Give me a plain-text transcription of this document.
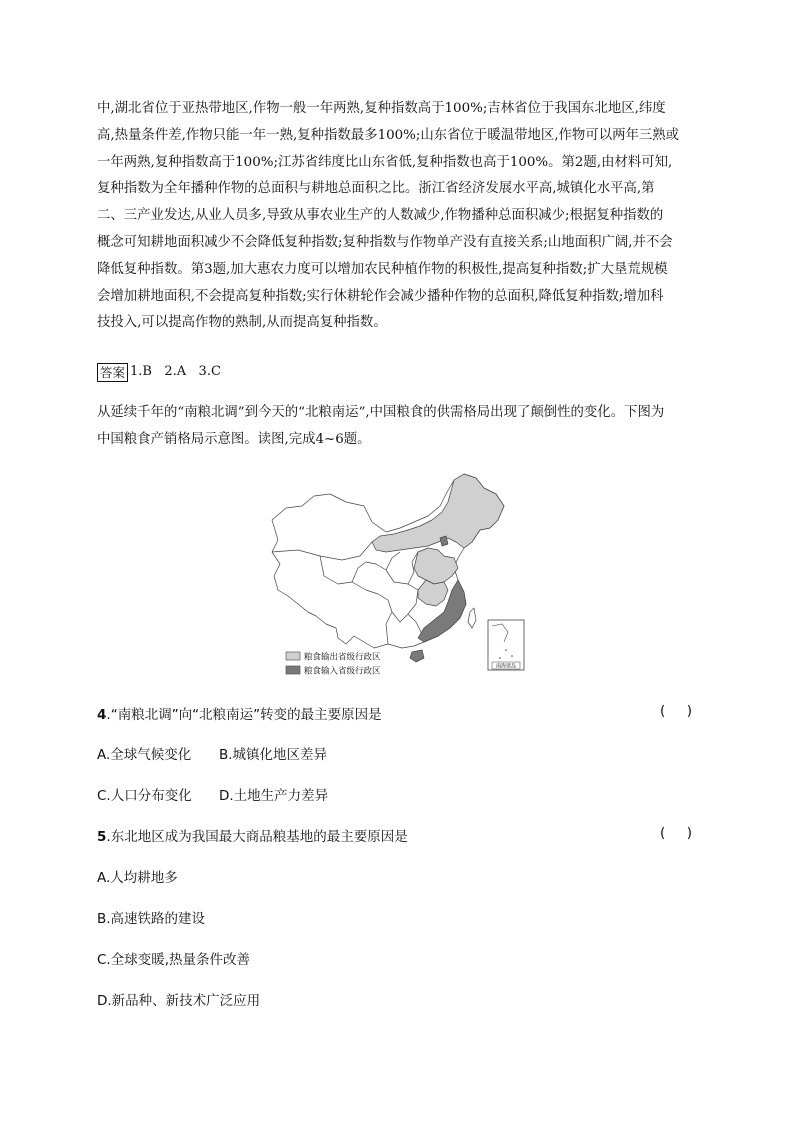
中,湖北省位于亚热带地区,作物一般一年两熟,复种指数高于100%;吉林省位于我国东北地区,纬度

高,热量条件差,作物只能一年一熟,复种指数最多100%;山东省位于暖温带地区,作物可以两年三熟或

一年两熟,复种指数高于100%;江苏省纬度比山东省低,复种指数也高于100%。第2题,由材料可知,

复种指数为全年播种作物的总面积与耕地总面积之比。浙江省经济发展水平高,城镇化水平高,第

二、三产业发达,从业人员多,导致从事农业生产的人数减少,作物播种总面积减少;根据复种指数的

概念可知耕地面积减少不会降低复种指数;复种指数与作物单产没有直接关系;山地面积广阔,并不会

降低复种指数。第3题,加大惠农力度可以增加农民种植作物的积极性,提高复种指数;扩大垦荒规模

会增加耕地面积,不会提高复种指数;实行休耕轮作会减少播种作物的总面积,降低复种指数;增加科

技投入,可以提高作物的熟制,从而提高复种指数。

答案 1.B   2.A   3.C

从延续千年的“南粮北调”到今天的“北粮南运”,中国粮食的供需格局出现了颠倒性的变化。下图为

中国粮食产销格局示意图。读图,完成4~6题。

南海诸岛
粮食输出省级行政区
粮食输入省级行政区
4.“南粮北调”向“北粮南运”转变的最主要原因是	(     )
A.全球气候变化 B.城镇化地区差异
C.人口分布变化 D.土地生产力差异
5.东北地区成为我国最大商品粮基地的最主要原因是	(     )
A.人均耕地多
B.高速铁路的建设
C.全球变暖,热量条件改善
D.新品种、新技术广泛应用
